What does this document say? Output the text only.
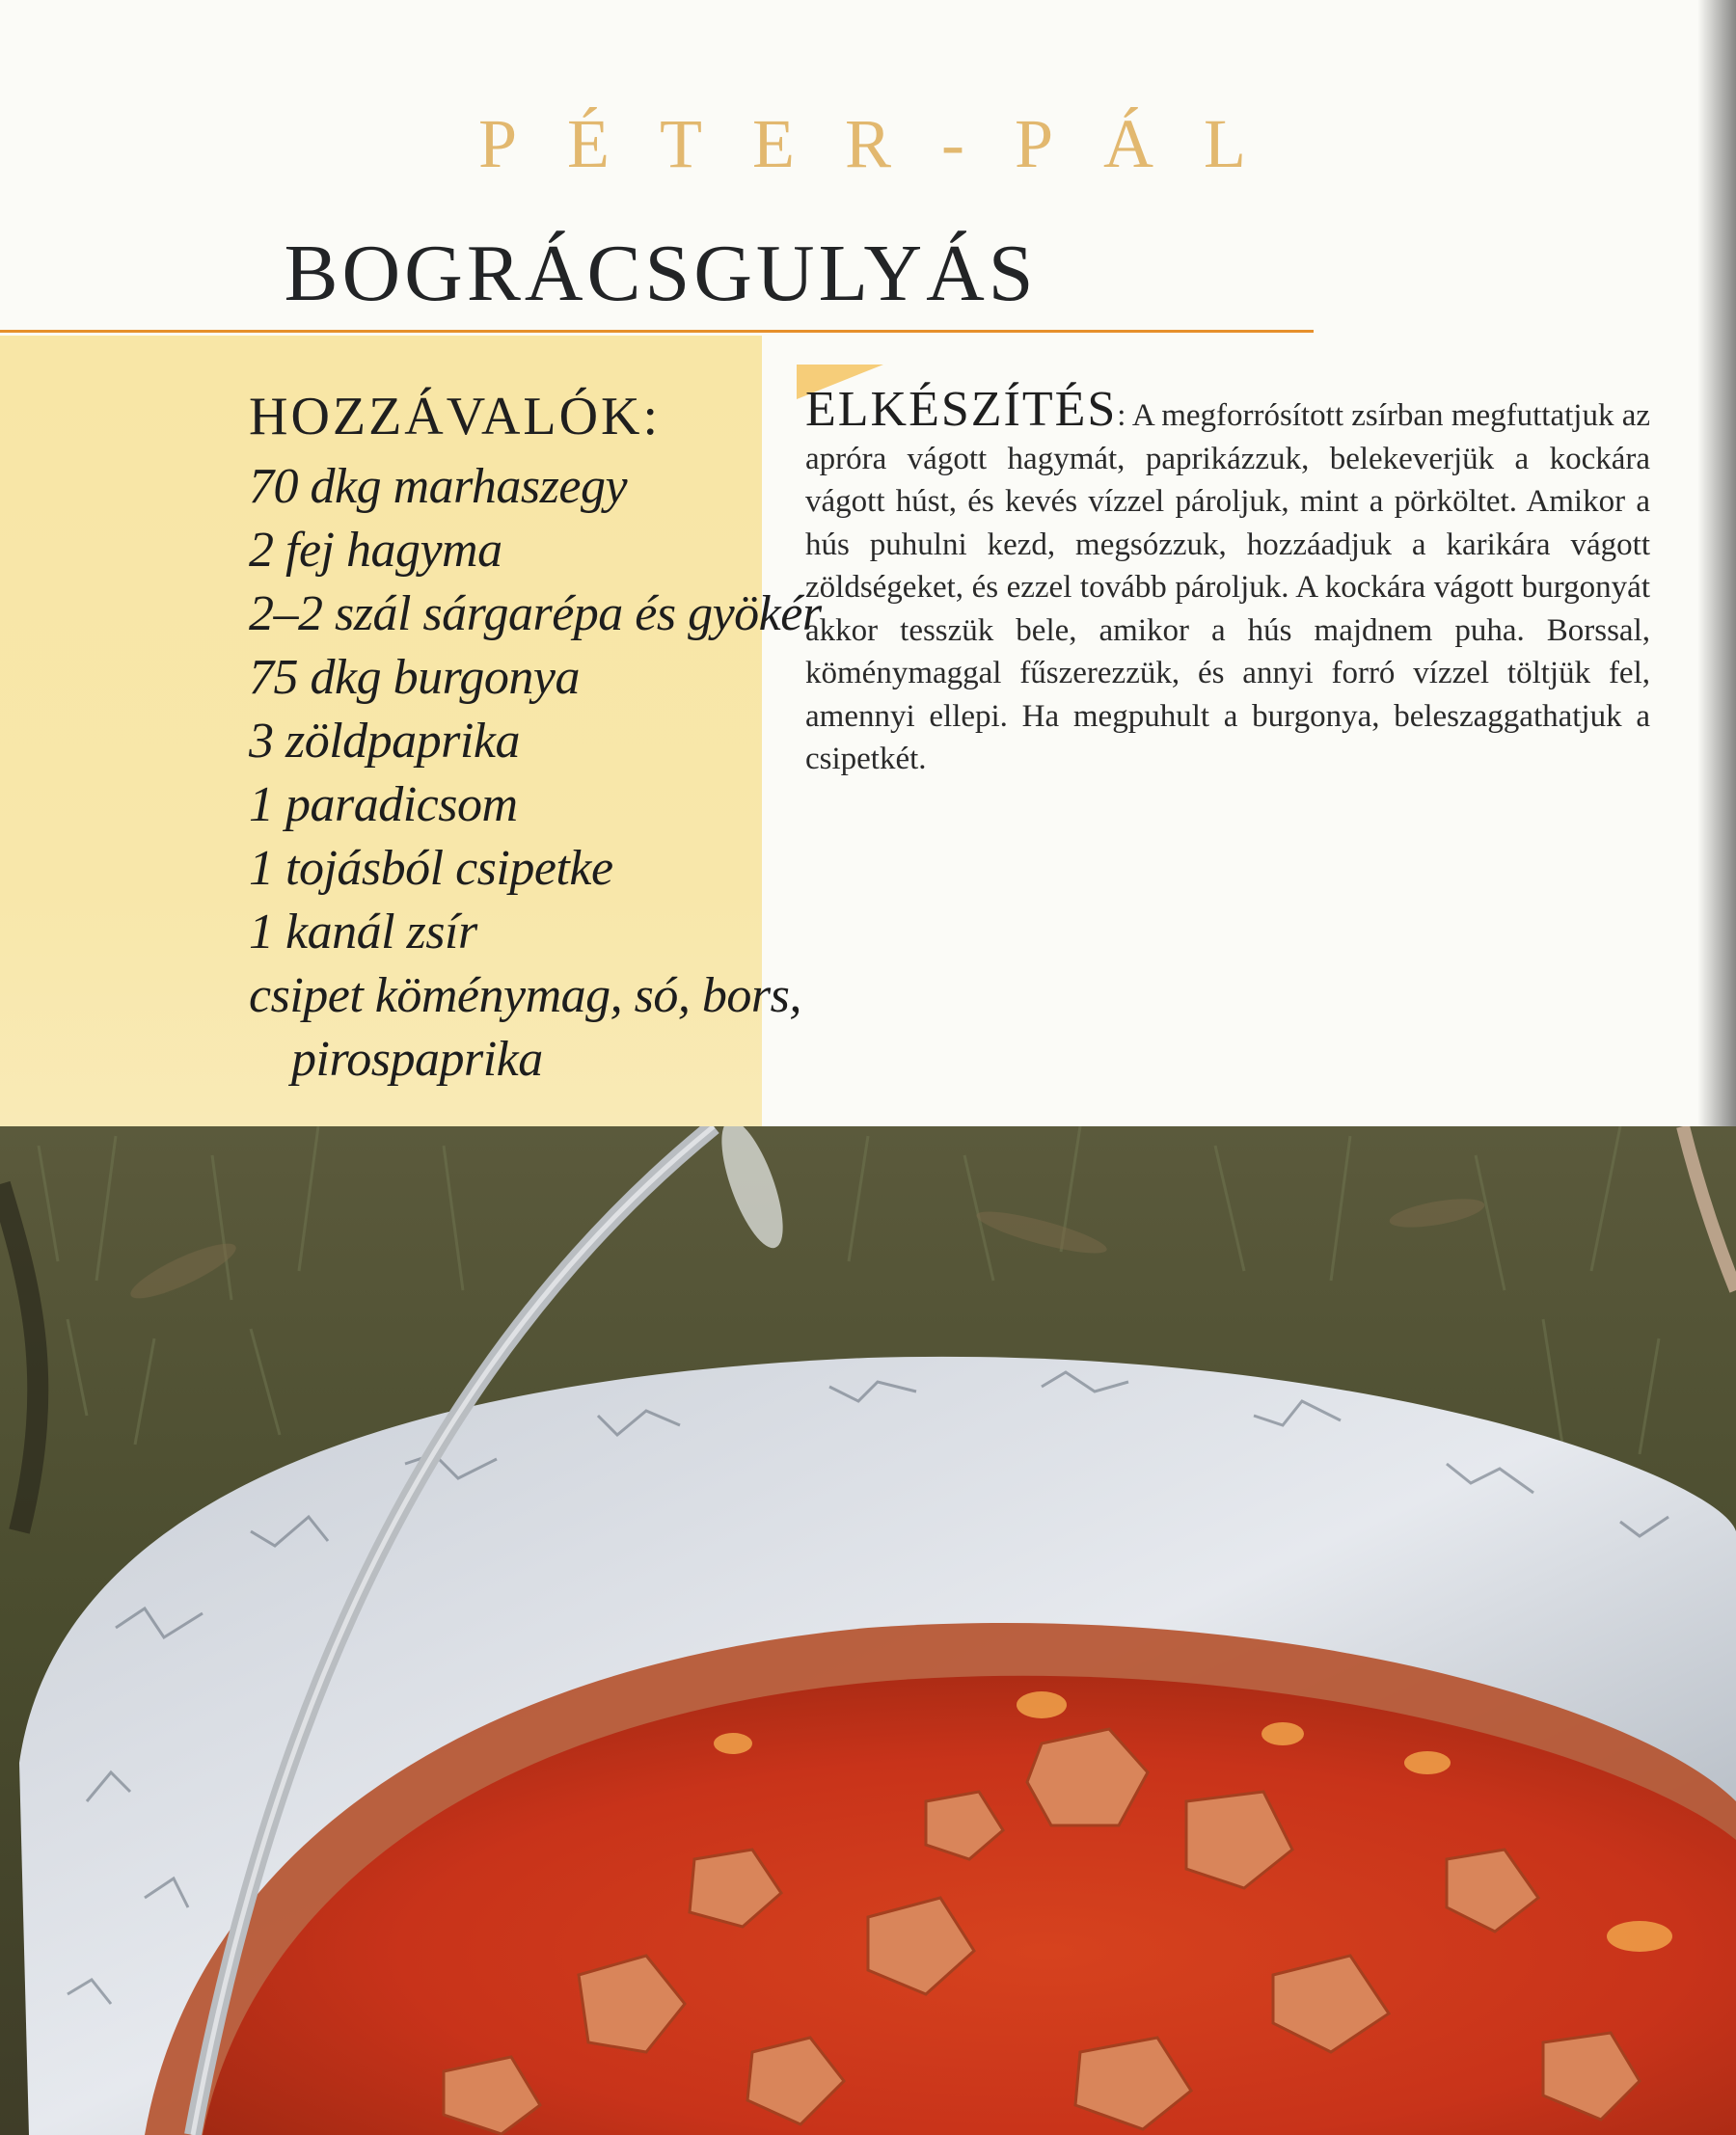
PÉTER-PÁL
BOGRÁCSGULYÁS
HOZZÁVALÓK:
70 dkg marhaszegy
2 fej hagyma
2–2 szál sárgarépa és gyökér
75 dkg burgonya
3 zöldpaprika
1 paradicsom
1 tojásból csipetke
1 kanál zsír
csipet köménymag, só, bors,
pirospaprika

ELKÉSZÍTÉS: A megforrósított zsírban megfuttatjuk az apróra vágott hagymát, paprikázzuk, belekeverjük a kockára vágott húst, és kevés vízzel pároljuk, mint a pörköltet. Amikor a hús puhulni kezd, megsózzuk, hozzáadjuk a karikára vágott zöldségeket, és ezzel tovább pároljuk. A kockára vágott burgonyát akkor tesszük bele, amikor a hús majdnem puha. Borssal, köménymaggal fűszerezzük, és annyi forró vízzel töltjük fel, amennyi ellepi. Ha megpuhult a burgonya, beleszaggathatjuk a csipetkét.
